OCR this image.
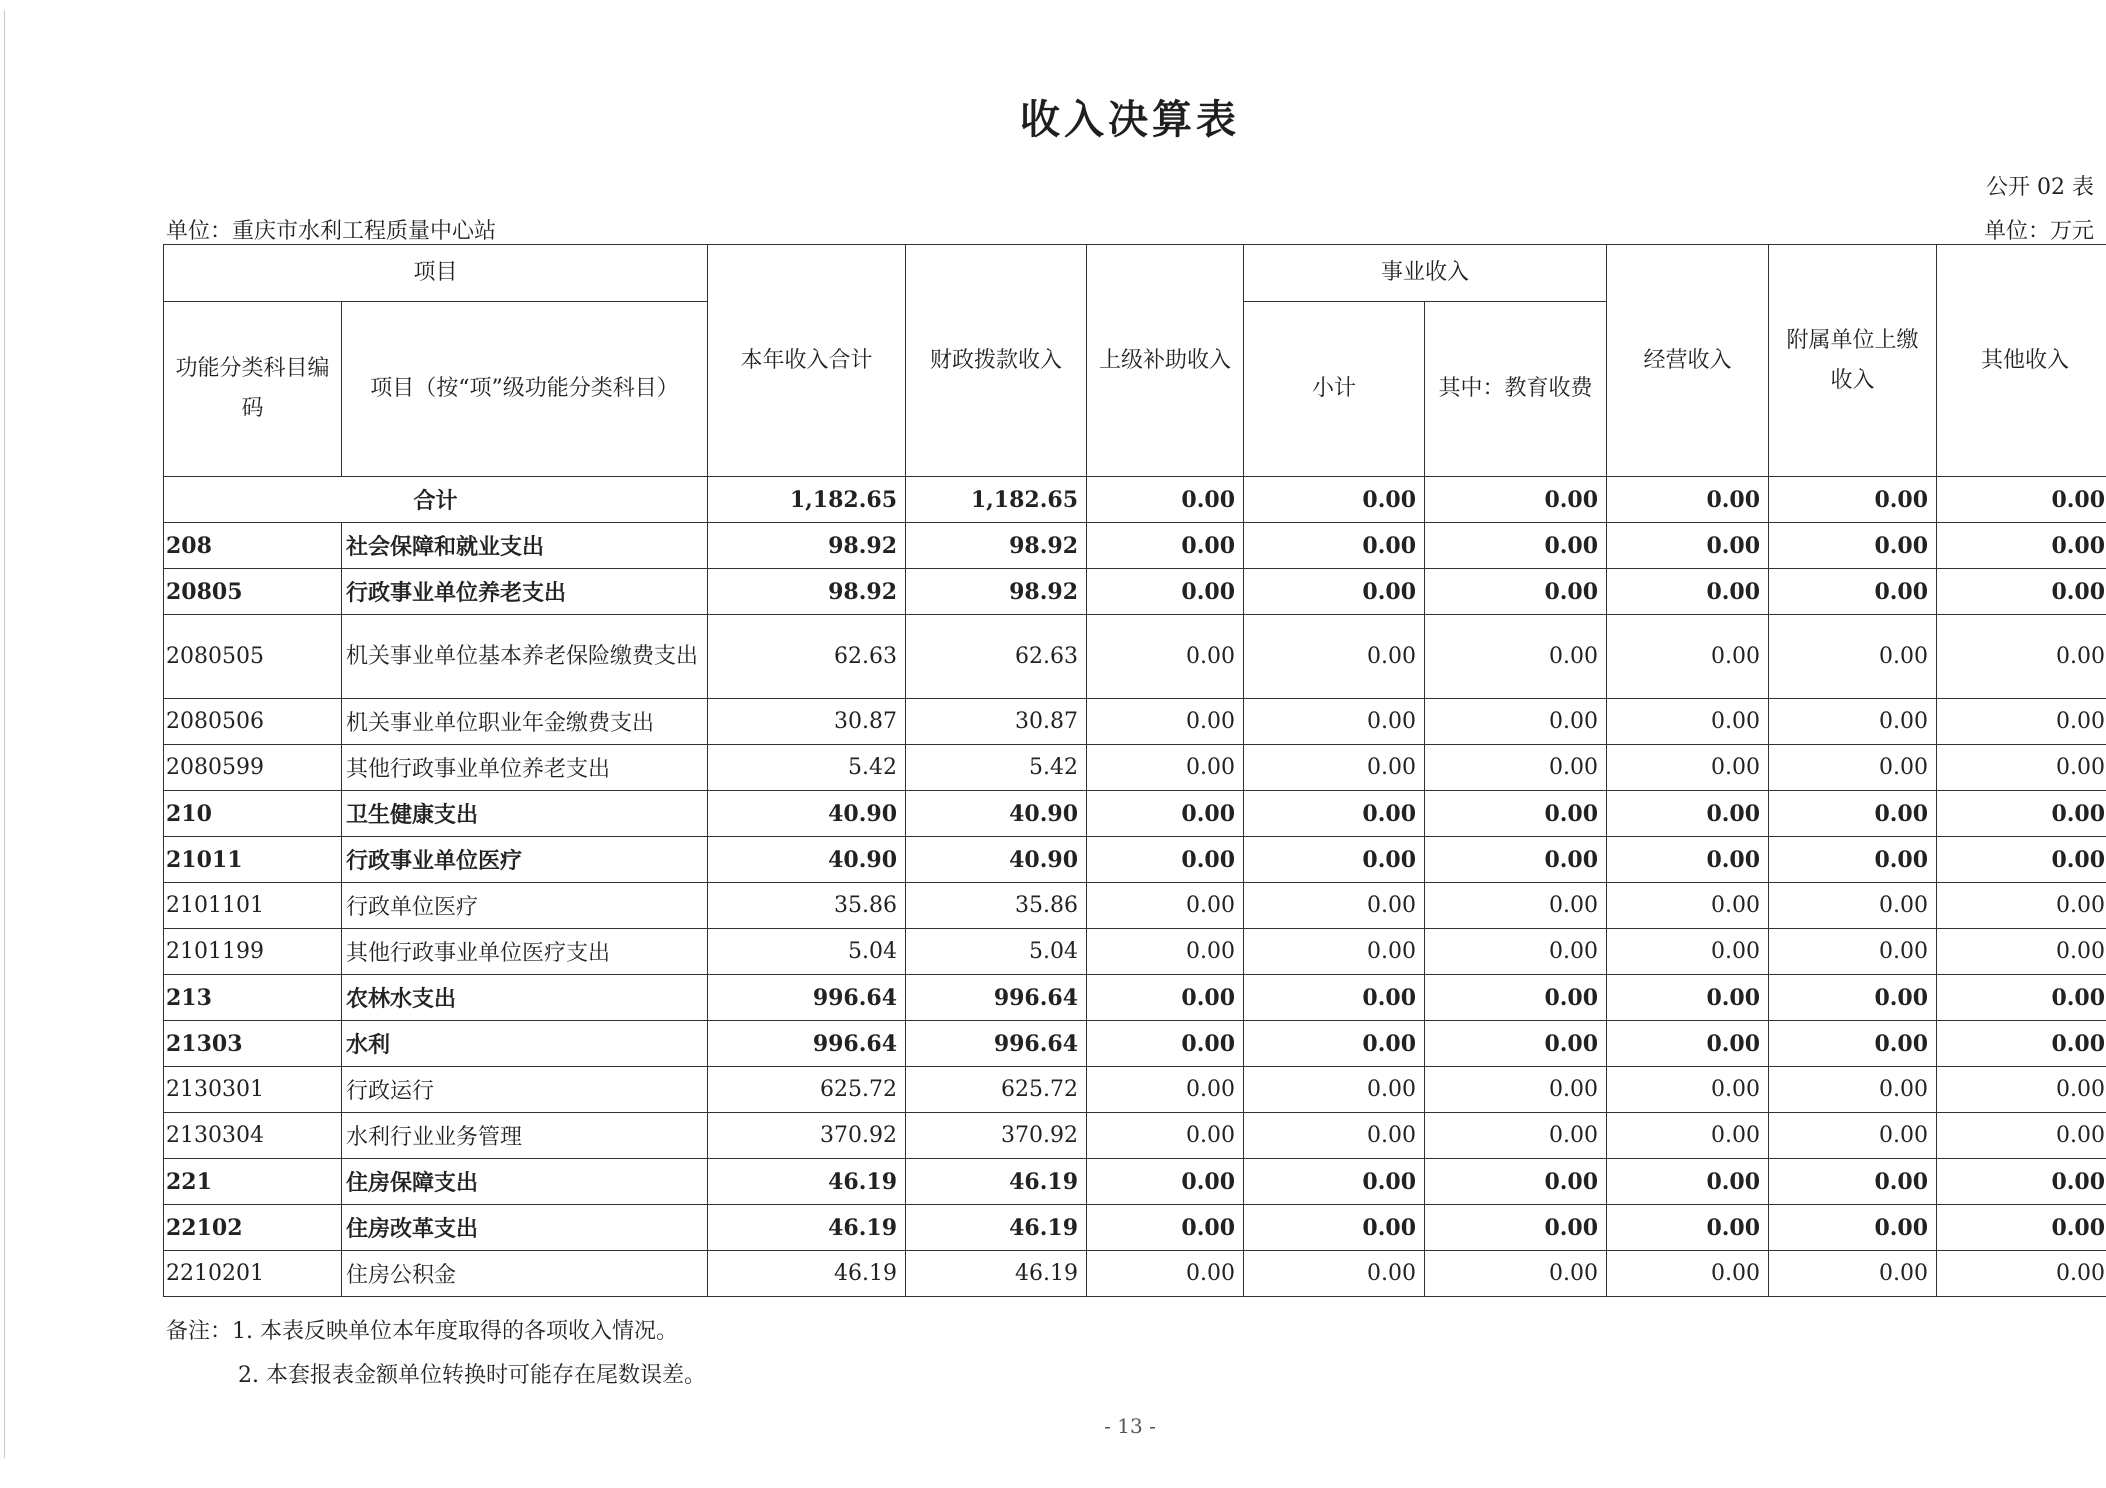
收入决算表
公开 02 表
单位：重庆市水利工程质量中心站	单位：万元
项目		本年收入合计	财政拨款收入	上级补助收入	事业收入		经营收入	附属单位上缴收入	其他收入
功能分类科目编码	项目（按“项”级功能分类科目）				小计	其中：教育收费			
合计		1,182.65	1,182.65	0.00	0.00	0.00	0.00	0.00	0.00
208	社会保障和就业支出	98.92	98.92	0.00	0.00	0.00	0.00	0.00	0.00
20805	行政事业单位养老支出	98.92	98.92	0.00	0.00	0.00	0.00	0.00	0.00
2080505	机关事业单位基本养老保险缴费支出	62.63	62.63	0.00	0.00	0.00	0.00	0.00	0.00
2080506	机关事业单位职业年金缴费支出	30.87	30.87	0.00	0.00	0.00	0.00	0.00	0.00
2080599	其他行政事业单位养老支出	5.42	5.42	0.00	0.00	0.00	0.00	0.00	0.00
210	卫生健康支出	40.90	40.90	0.00	0.00	0.00	0.00	0.00	0.00
21011	行政事业单位医疗	40.90	40.90	0.00	0.00	0.00	0.00	0.00	0.00
2101101	行政单位医疗	35.86	35.86	0.00	0.00	0.00	0.00	0.00	0.00
2101199	其他行政事业单位医疗支出	5.04	5.04	0.00	0.00	0.00	0.00	0.00	0.00
213	农林水支出	996.64	996.64	0.00	0.00	0.00	0.00	0.00	0.00
21303	水利	996.64	996.64	0.00	0.00	0.00	0.00	0.00	0.00
2130301	行政运行	625.72	625.72	0.00	0.00	0.00	0.00	0.00	0.00
2130304	水利行业业务管理	370.92	370.92	0.00	0.00	0.00	0.00	0.00	0.00
221	住房保障支出	46.19	46.19	0.00	0.00	0.00	0.00	0.00	0.00
22102	住房改革支出	46.19	46.19	0.00	0.00	0.00	0.00	0.00	0.00
2210201	住房公积金	46.19	46.19	0.00	0.00	0.00	0.00	0.00	0.00
备注：1. 本表反映单位本年度取得的各项收入情况。
2. 本套报表金额单位转换时可能存在尾数误差。
- 13 -
